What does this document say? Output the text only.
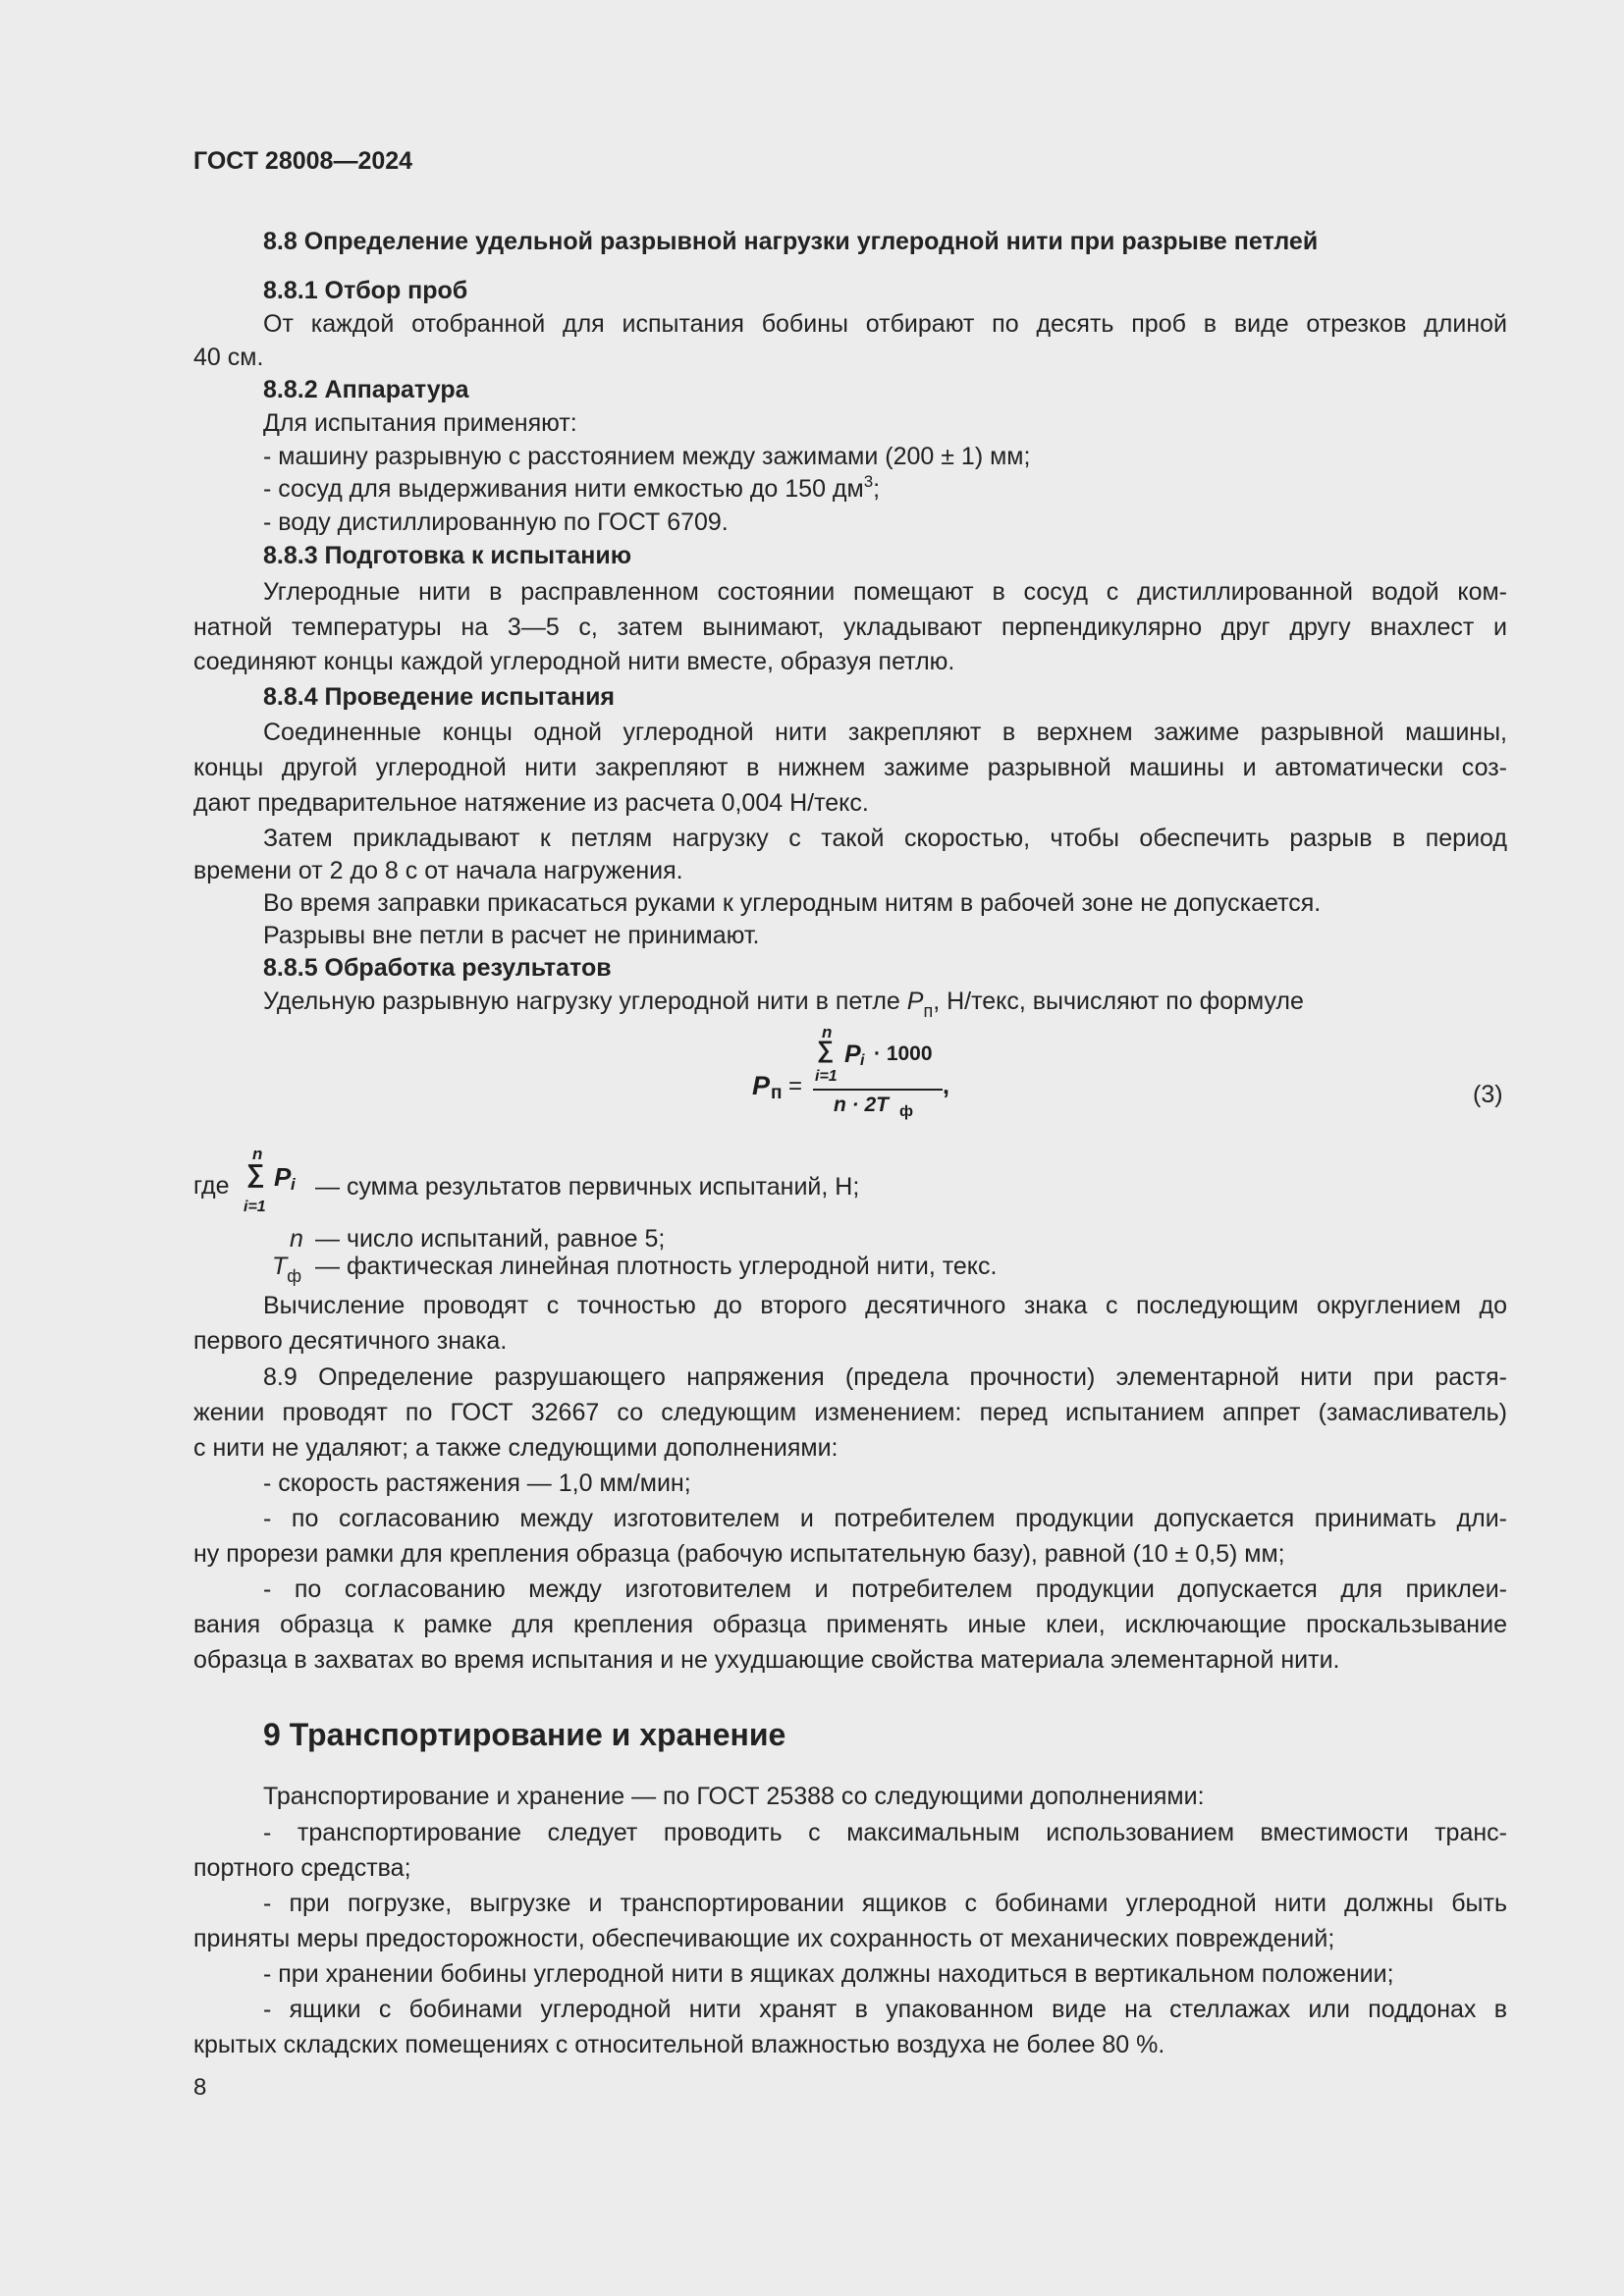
ГОСТ 28008—2024
8.8 Определение удельной разрывной нагрузки углеродной нити при разрыве петлей
8.8.1 Отбор проб
От каждой отобранной для испытания бобины отбирают по десять проб в виде отрезков длиной
40 см.
8.8.2 Аппаратура
Для испытания применяют:
- машину разрывную с расстоянием между зажимами (200 ± 1) мм;
- сосуд для выдерживания нити емкостью до 150 $дм^3$;
- воду дистиллированную по ГОСТ 6709.
8.8.3 Подготовка к испытанию
Углеродные нити в расправленном состоянии помещают в сосуд с дистиллированной водой ком-
натной температуры на 3—5 с, затем вынимают, укладывают перпендикулярно друг другу внахлест и
соединяют концы каждой углеродной нити вместе, образуя петлю.
8.8.4 Проведение испытания
Соединенные концы одной углеродной нити закрепляют в верхнем зажиме разрывной машины,
концы другой углеродной нити закрепляют в нижнем зажиме разрывной машины и автоматически соз-
дают предварительное натяжение из расчета 0,004 Н/текс.
Затем прикладывают к петлям нагрузку с такой скоростью, чтобы обеспечить разрыв в период
времени от 2 до 8 с от начала нагружения.
Во время заправки прикасаться руками к углеродным нитям в рабочей зоне не допускается.
Разрывы вне петли в расчет не принимают.
8.8.5 Обработка результатов
Удельную разрывную нагрузку углеродной нити в петле $P_п$, Н/текс, вычисляют по формуле
P п =
n
∑
i=1
P i · 1000
n · 2T ф
,	(3)
где
n
∑ P i
i=1
— сумма результатов первичных испытаний, Н;
n — число испытаний, равное 5;
$T_ф$ — фактическая линейная плотность углеродной нити, текс.
Вычисление проводят с точностью до второго десятичного знака с последующим округлением до
первого десятичного знака.
8.9 Определение разрушающего напряжения (предела прочности) элементарной нити при растя-
жении проводят по ГОСТ 32667 со следующим изменением: перед испытанием аппрет (замасливатель)
с нити не удаляют; а также следующими дополнениями:
- скорость растяжения — 1,0 мм/мин;
- по согласованию между изготовителем и потребителем продукции допускается принимать дли-
ну прорези рамки для крепления образца (рабочую испытательную базу), равной (10 ± 0,5) мм;
- по согласованию между изготовителем и потребителем продукции допускается для приклеи-
вания образца к рамке для крепления образца применять иные клеи, исключающие проскальзывание
образца в захватах во время испытания и не ухудшающие свойства материала элементарной нити.
9 Транспортирование и хранение
Транспортирование и хранение — по ГОСТ 25388 со следующими дополнениями:
- транспортирование следует проводить с максимальным использованием вместимости транс-
портного средства;
- при погрузке, выгрузке и транспортировании ящиков с бобинами углеродной нити должны быть
приняты меры предосторожности, обеспечивающие их сохранность от механических повреждений;
- при хранении бобины углеродной нити в ящиках должны находиться в вертикальном положении;
- ящики с бобинами углеродной нити хранят в упакованном виде на стеллажах или поддонах в
крытых складских помещениях с относительной влажностью воздуха не более 80 %.
8
